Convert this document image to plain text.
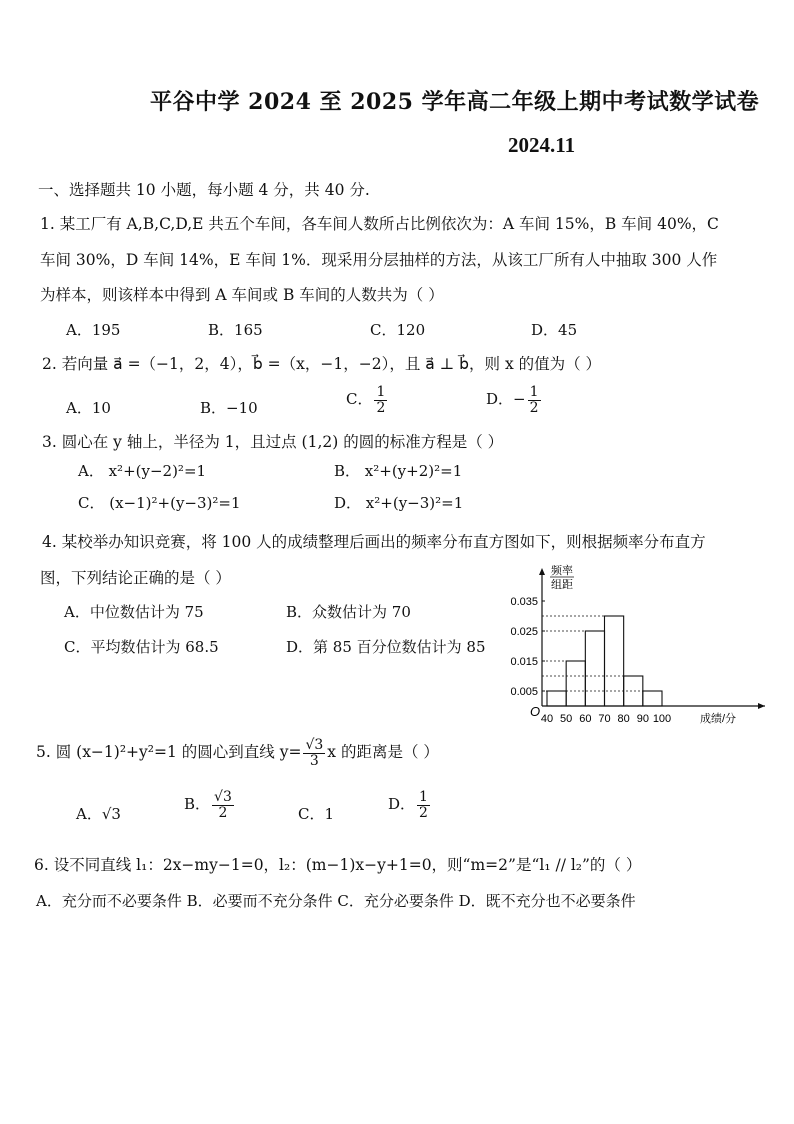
平谷中学 2024 至 2025 学年高二年级上期中考试数学试卷
2024.11
一、选择题共 10 小题，每小题 4 分，共 40 分.
1. 某工厂有 A,B,C,D,E 共五个车间，各车间人数所占比例依次为：A 车间 15%，B 车间 40%，C
车间 30%，D 车间 14%，E 车间 1%．现采用分层抽样的方法，从该工厂所有人中抽取 300 人作
为样本，则该样本中得到 A 车间或 B 车间的人数共为（ ）
A．195	B．165	C．120	D．45
2. 若向量 a⃗ =（−1，2，4），b⃗ =（x，−1，−2），且 a⃗ ⊥ b⃗，则 x 的值为（ ）
A．10	B．−10	C． $\frac{1}{2}$	D．− $\frac{1}{2}$
3. 圆心在 y 轴上，半径为 1，且过点 (1,2) 的圆的标准方程是（ ）
A． x²+(y−2)²=1	B． x²+(y+2)²=1
C． (x−1)²+(y−3)²=1	D． x²+(y−3)²=1
4. 某校举办知识竞赛，将 100 人的成绩整理后画出的频率分布直方图如下，则根据频率分布直方
图，下列结论正确的是（ ）
A．中位数估计为 75	B．众数估计为 70
C．平均数估计为 68.5	D．第 85 百分位数估计为 85
频率
组距
O
0.005
0.015
0.025
0.035
40 50 60 70 80 90 100	成绩/分
5. 圆 (x−1)²+y²=1 的圆心到直线 $y= \frac{√3}{3}$ x 的距离是（ ）
A．√3
B． $\frac{√3}{2}$	C．1
D． $\frac{1}{2}$
6. 设不同直线 l₁：2x−my−1=0，l₂：(m−1)x−y+1=0，则“m=2”是“l₁ // l₂”的（ ）
A．充分而不必要条件 B．必要而不充分条件 C．充分必要条件 D．既不充分也不必要条件
